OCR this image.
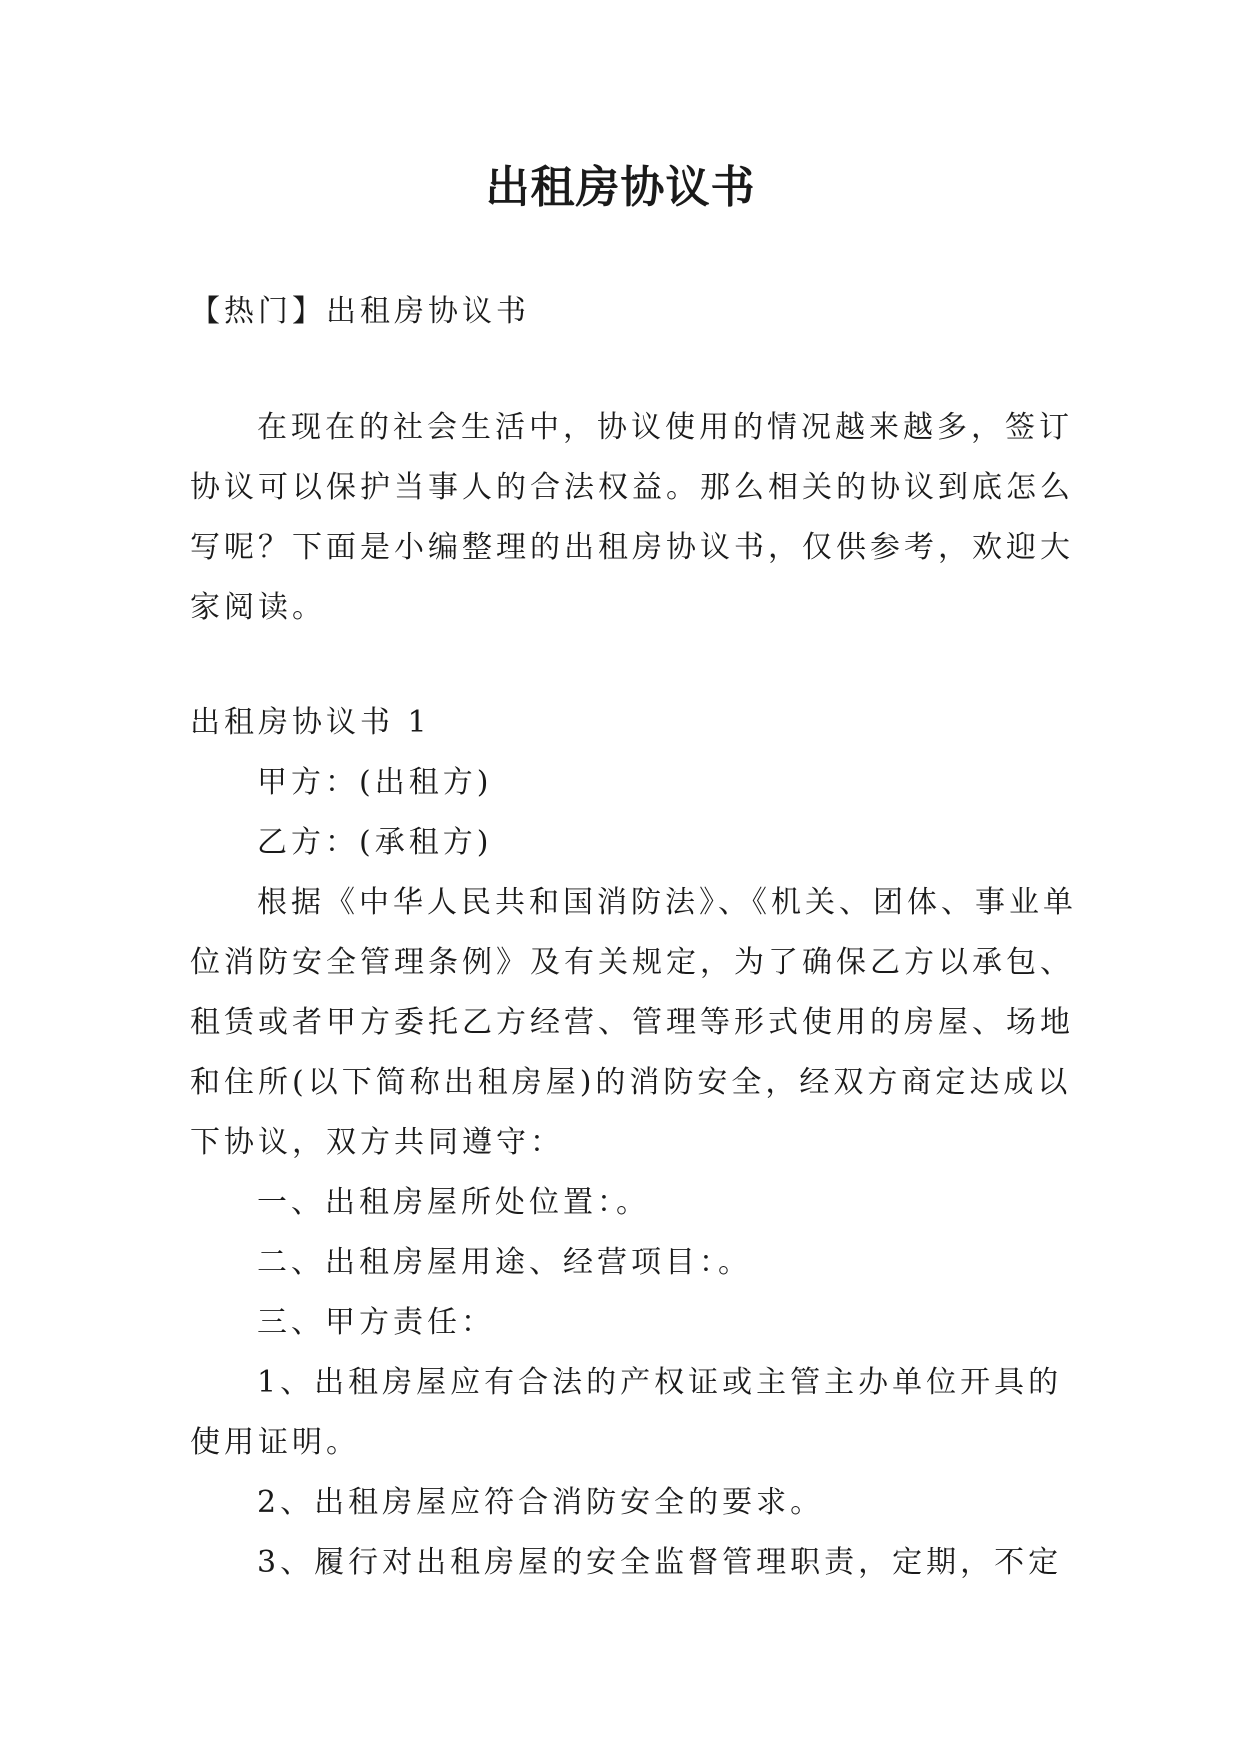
出租房协议书
【热门】出租房协议书
在现在的社会生活中，协议使用的情况越来越多，签订
协议可以保护当事人的合法权益。那么相关的协议到底怎么
写呢？下面是小编整理的出租房协议书，仅供参考，欢迎大
家阅读。
出租房协议书 1
甲方：(出租方)
乙方：(承租方)
根据《中华人民共和国消防法》、《机关、团体、事业单
位消防安全管理条例》及有关规定，为了确保乙方以承包、
租赁或者甲方委托乙方经营、管理等形式使用的房屋、场地
和住所(以下简称出租房屋)的消防安全，经双方商定达成以
下协议，双方共同遵守：
一、出租房屋所处位置：。
二、出租房屋用途、经营项目：。
三、甲方责任：
1、出租房屋应有合法的产权证或主管主办单位开具的
使用证明。
2、出租房屋应符合消防安全的要求。
3、履行对出租房屋的安全监督管理职责，定期，不定
